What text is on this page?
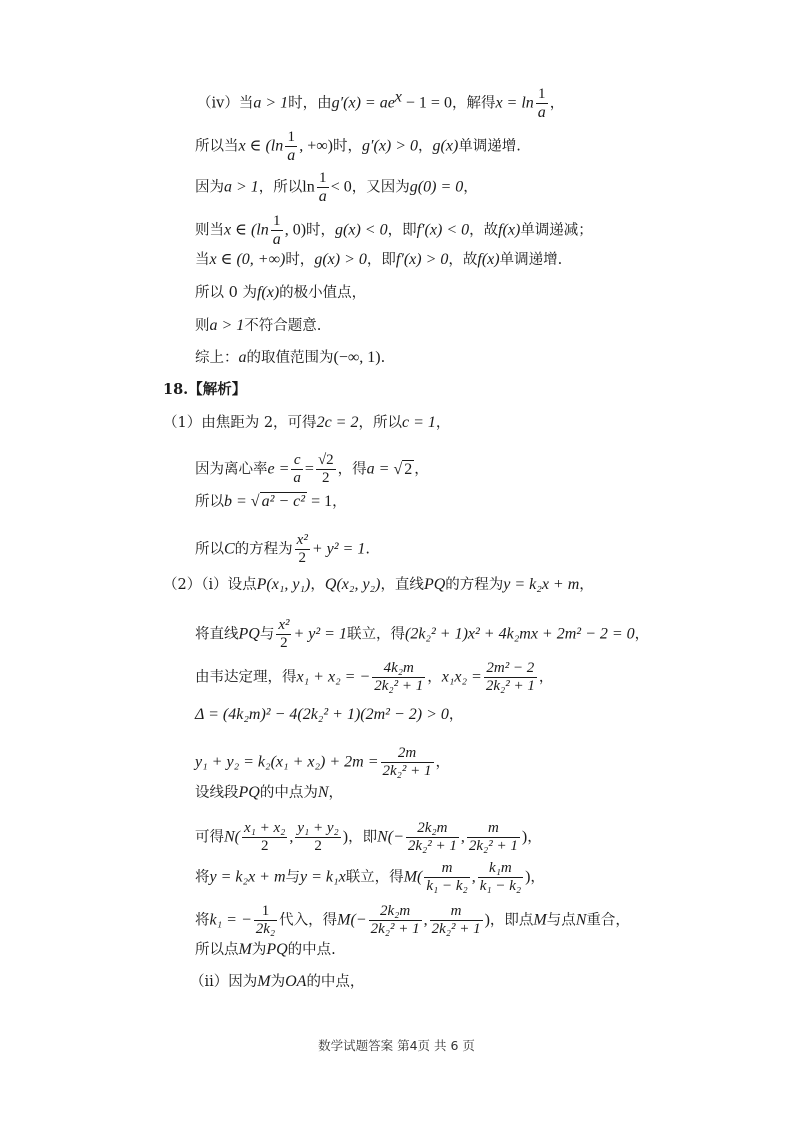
（iv）当a > 1时，由$g'(x) = ae^x - 1 = 0$，解得$x = \ln \frac{1}{a}$ ，
所以当x ∈ ($\ln \frac{1}{a}$ , +∞)时，g′(x) > 0，g(x)单调递增.
因为a > 1，所以$\ln \frac{1}{a} < 0$，又因为g(0) = 0，
则当x ∈ ($\ln \frac{1}{a}$ , 0)时，g(x) < 0，即f′(x) < 0，故f(x)单调递减；
当x ∈ (0, +∞)时，g(x) > 0，即f′(x) > 0，故f(x)单调递增.
所以 0 为f(x)的极小值点，
则a > 1不符合题意.
综上：a的取值范围为(−∞, 1).
18.【解析】
（1）由焦距为 2，可得2c = 2，所以c = 1，
因为离心率$e = \frac{c}{a} = \frac{√2}{2}$ ，得a = √ 2 ，
所以b = √ a² − c² = 1，
所以C的方程为 $\frac{\text{x²}}{2} + y^2 = 1$.
（2）（i）设点P(x₁, y₁)，Q(x₂, y₂)，直线PQ的方程为y = k₂x + m，
将直线PQ与 $\frac{\text{x²}}{2} + y^2 = 1$联立，得(2k₂² + 1)x² + 4k₂mx + 2m² − 2 = 0，
由韦达定理，得x₁ + x₂ = − $\frac{\text{4k₂m}}{\text{2k₂² + 1}}$ ，$x_1x_2 = \frac{\text{2m² − 2}}{\text{2k₂² + 1}}$ ，
Δ = (4k₂m)² − 4(2k₂² + 1)(2m² − 2) > 0，
$y_1 + y_2 = k_2(x_1 + x_2) + 2m = \frac{2m}{\text{2k₂² + 1}}$ ，
设线段PQ的中点为N，
可得$N( \frac{\text{x₁ + x₂}}{2}$ , $\frac{\text{y₁ + y₂}}{2}$ )，即$N(- \frac{\text{2k₂m}}{\text{2k₂² + 1}}$ , $\frac{m}{\text{2k₂² + 1}}$ )，
将y = k₂x + m与y = k₁x联立，得$M( \frac{m}{\text{k₁ − k₂}}$ , $\frac{\text{k₁m}}{\text{k₁ − k₂}}$ )，
将k₁ = − $\frac{1}{\text{2k₂}}$ 代入，得$M(- \frac{\text{2k₂m}}{\text{2k₂² + 1}}$ , $\frac{m}{\text{2k₂² + 1}}$ )，即点M与点N重合，
所以点M为PQ的中点.
（ii）因为M为OA的中点，
数学试题答案 第4页 共 6 页
